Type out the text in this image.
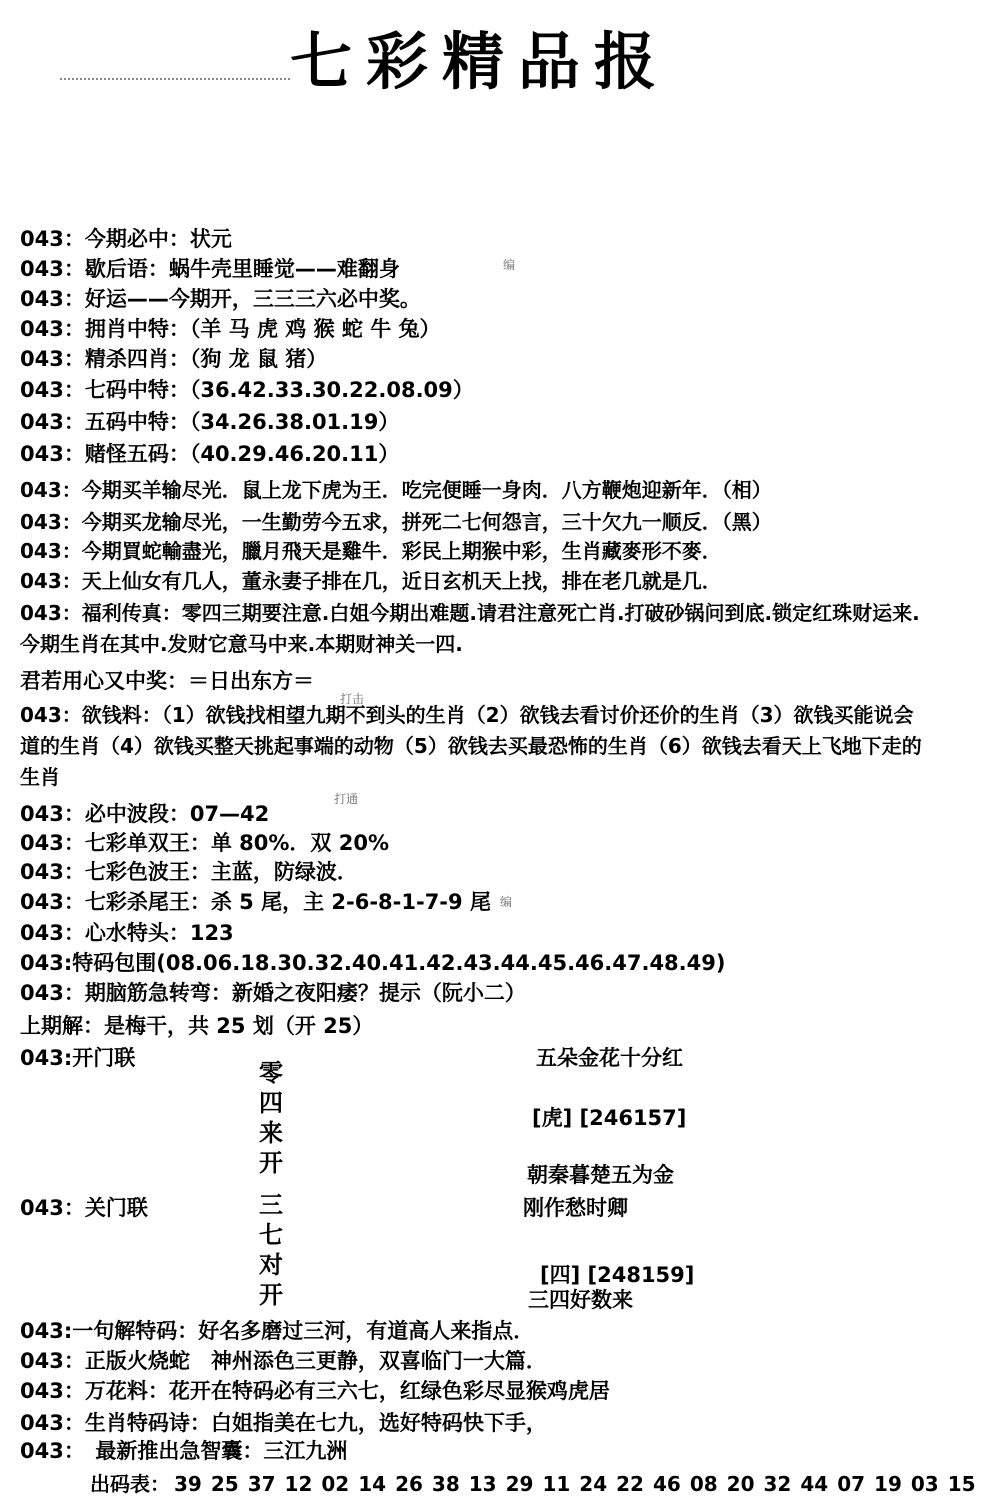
七彩精品报
043：今期必中：状元
043：歇后语：蜗牛壳里睡觉——难翻身
043：好运——今期开，三三三六必中奖。
043：拥肖中特：（羊 马 虎 鸡 猴 蛇 牛 兔）
043：精杀四肖：（狗 龙 鼠 猪）
043：七码中特：（36.42.33.30.22.08.09）
043：五码中特：（34.26.38.01.19）
043：赌怪五码：（40.29.46.20.11）
043：今期买羊输尽光．鼠上龙下虎为王．吃完便睡一身肉．八方鞭炮迎新年．（相）
043：今期买龙输尽光，一生勤劳今五求，拼死二七何怨言，三十欠九一顺反．（黑）
043：今期買蛇輸盡光，臘月飛天是雞牛．彩民上期猴中彩，生肖藏麥形不麥．
043：天上仙女有几人，董永妻子排在几，近日玄机天上找，排在老几就是几．
043：福利传真：零四三期要注意.白姐今期出难题.请君注意死亡肖.打破砂锅问到底.锁定红珠财运来.今期生肖在其中.发财它意马中来.本期财神关一四.
君若用心又中奖：＝日出东方＝
043：欲钱料：（1）欲钱找相望九期不到头的生肖（2）欲钱去看讨价还价的生肖（3）欲钱买能说会道的生肖（4）欲钱买整天挑起事端的动物（5）欲钱去买最恐怖的生肖（6）欲钱去看天上飞地下走的生肖
043：必中波段：07—42
043：七彩单双王：单 80%．双 20%
043：七彩色波王：主蓝，防绿波．
043：七彩杀尾王：杀 5 尾，主 2-6-8-1-7-9 尾
043：心水特头：123
043:特码包围(08.06.18.30.32.40.41.42.43.44.45.46.47.48.49)
043：期脑筋急转弯：新婚之夜阳痿？提示（阮小二）
上期解：是梅干，共 25 划（开 25）
043:开门联
零四来开
五朵金花十分红
[虎] [246157]
朝秦暮楚五为金
043：关门联	刚作愁时卿
三七对开
[四] [248159]
三四好数来
043:一句解特码：好名多磨过三河，有道高人来指点．
043：正版火烧蛇　神州添色三更静，双喜临门一大篇．
043：万花料：花开在特码必有三六七，红绿色彩尽显猴鸡虎居
043：生肖特码诗：白姐指美在七九，选好特码快下手，
043：　最新推出急智囊：三江九洲
出码表： 39 25 37 12 02 14 26 38 13 29 11 24 22 46 08 20 32 44 07 19 03 15
编
打击
打通
编
